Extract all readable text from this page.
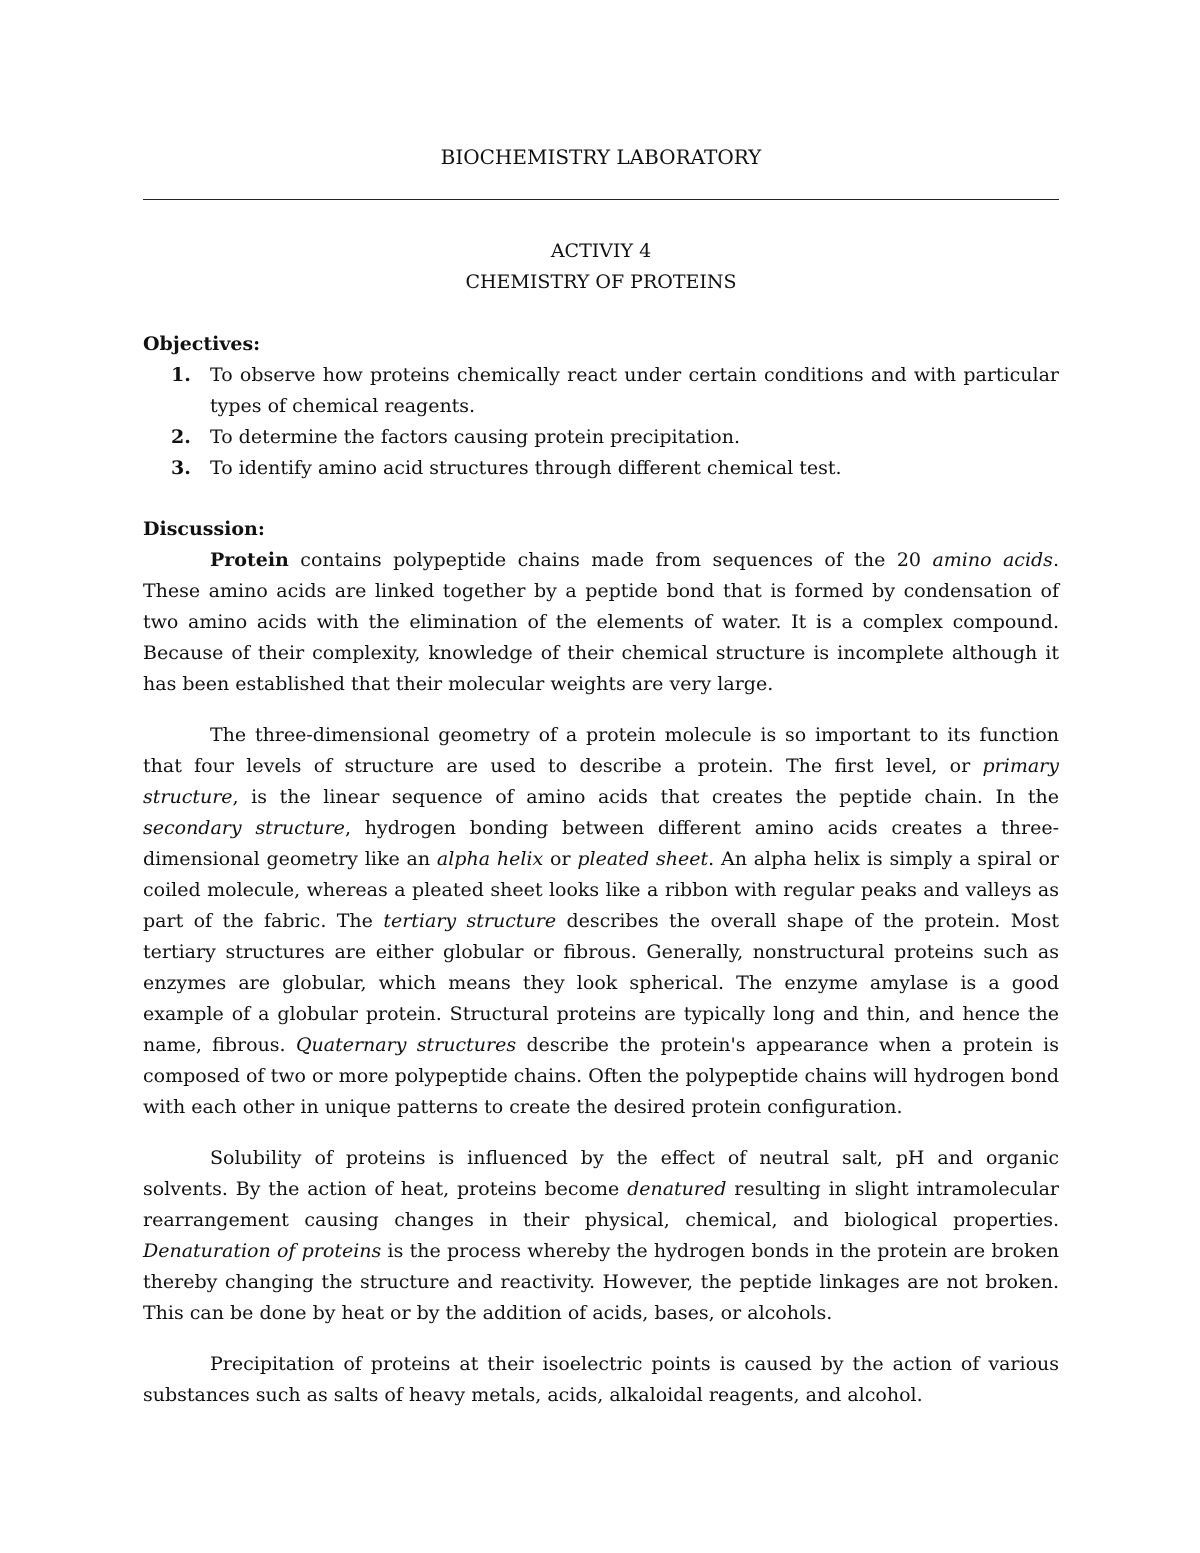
BIOCHEMISTRY LABORATORY
ACTIVIY 4
CHEMISTRY OF PROTEINS
Objectives:
1. To observe how proteins chemically react under certain conditions and with particular types of chemical reagents.
2. To determine the factors causing protein precipitation.
3. To identify amino acid structures through different chemical test.
Discussion:

Protein contains polypeptide chains made from sequences of the 20 amino acids. These amino acids are linked together by a peptide bond that is formed by condensation of two amino acids with the elimination of the elements of water. It is a complex compound. Because of their complexity, knowledge of their chemical structure is incomplete although it has been established that their molecular weights are very large.

The three-dimensional geometry of a protein molecule is so important to its function that four levels of structure are used to describe a protein. The first level, or primary structure, is the linear sequence of amino acids that creates the peptide chain. In the secondary structure, hydrogen bonding between different amino acids creates a three-dimensional geometry like an alpha helix or pleated sheet. An alpha helix is simply a spiral or coiled molecule, whereas a pleated sheet looks like a ribbon with regular peaks and valleys as part of the fabric. The tertiary structure describes the overall shape of the protein. Most tertiary structures are either globular or fibrous. Generally, nonstructural proteins such as enzymes are globular, which means they look spherical. The enzyme amylase is a good example of a globular protein. Structural proteins are typically long and thin, and hence the name, fibrous. Quaternary structures describe the protein's appearance when a protein is composed of two or more polypeptide chains. Often the polypeptide chains will hydrogen bond with each other in unique patterns to create the desired protein configuration.

Solubility of proteins is influenced by the effect of neutral salt, pH and organic solvents. By the action of heat, proteins become denatured resulting in slight intramolecular rearrangement causing changes in their physical, chemical, and biological properties. Denaturation of proteins is the process whereby the hydrogen bonds in the protein are broken thereby changing the structure and reactivity. However, the peptide linkages are not broken. This can be done by heat or by the addition of acids, bases, or alcohols.

Precipitation of proteins at their isoelectric points is caused by the action of various substances such as salts of heavy metals, acids, alkaloidal reagents, and alcohol.
